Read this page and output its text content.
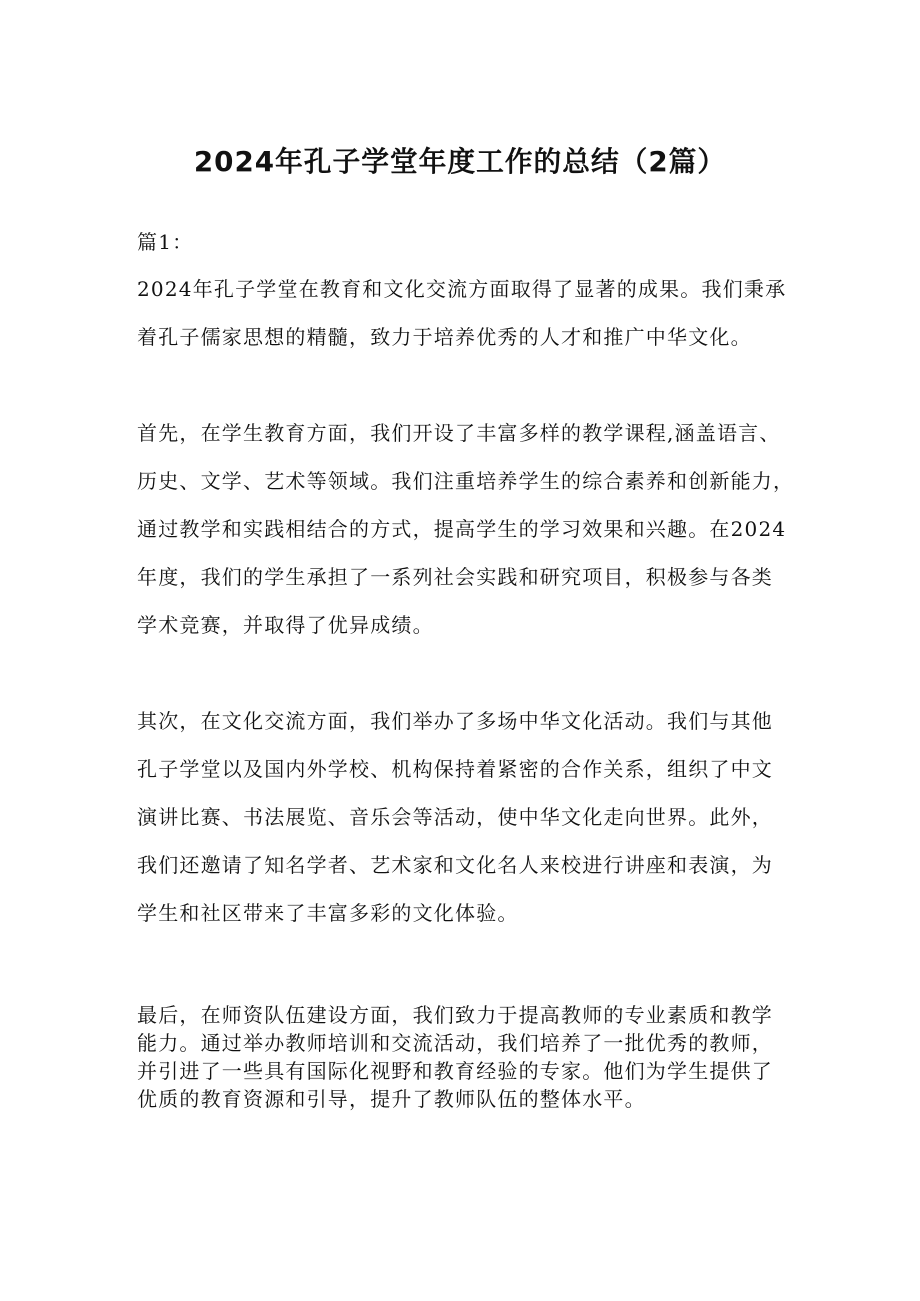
2024年孔子学堂年度工作的总结（2篇）
篇1：
2024年孔子学堂在教育和文化交流方面取得了显著的成果。我们秉承
着孔子儒家思想的精髓，致力于培养优秀的人才和推广中华文化。
首先，在学生教育方面，我们开设了丰富多样的教学课程,涵盖语言、
历史、文学、艺术等领域。我们注重培养学生的综合素养和创新能力，
通过教学和实践相结合的方式，提高学生的学习效果和兴趣。在2024
年度，我们的学生承担了一系列社会实践和研究项目，积极参与各类
学术竞赛，并取得了优异成绩。
其次，在文化交流方面，我们举办了多场中华文化活动。我们与其他
孔子学堂以及国内外学校、机构保持着紧密的合作关系，组织了中文
演讲比赛、书法展览、音乐会等活动，使中华文化走向世界。此外，
我们还邀请了知名学者、艺术家和文化名人来校进行讲座和表演，为
学生和社区带来了丰富多彩的文化体验。
最后，在师资队伍建设方面，我们致力于提高教师的专业素质和教学
能力。通过举办教师培训和交流活动，我们培养了一批优秀的教师，
并引进了一些具有国际化视野和教育经验的专家。他们为学生提供了
优质的教育资源和引导，提升了教师队伍的整体水平。
